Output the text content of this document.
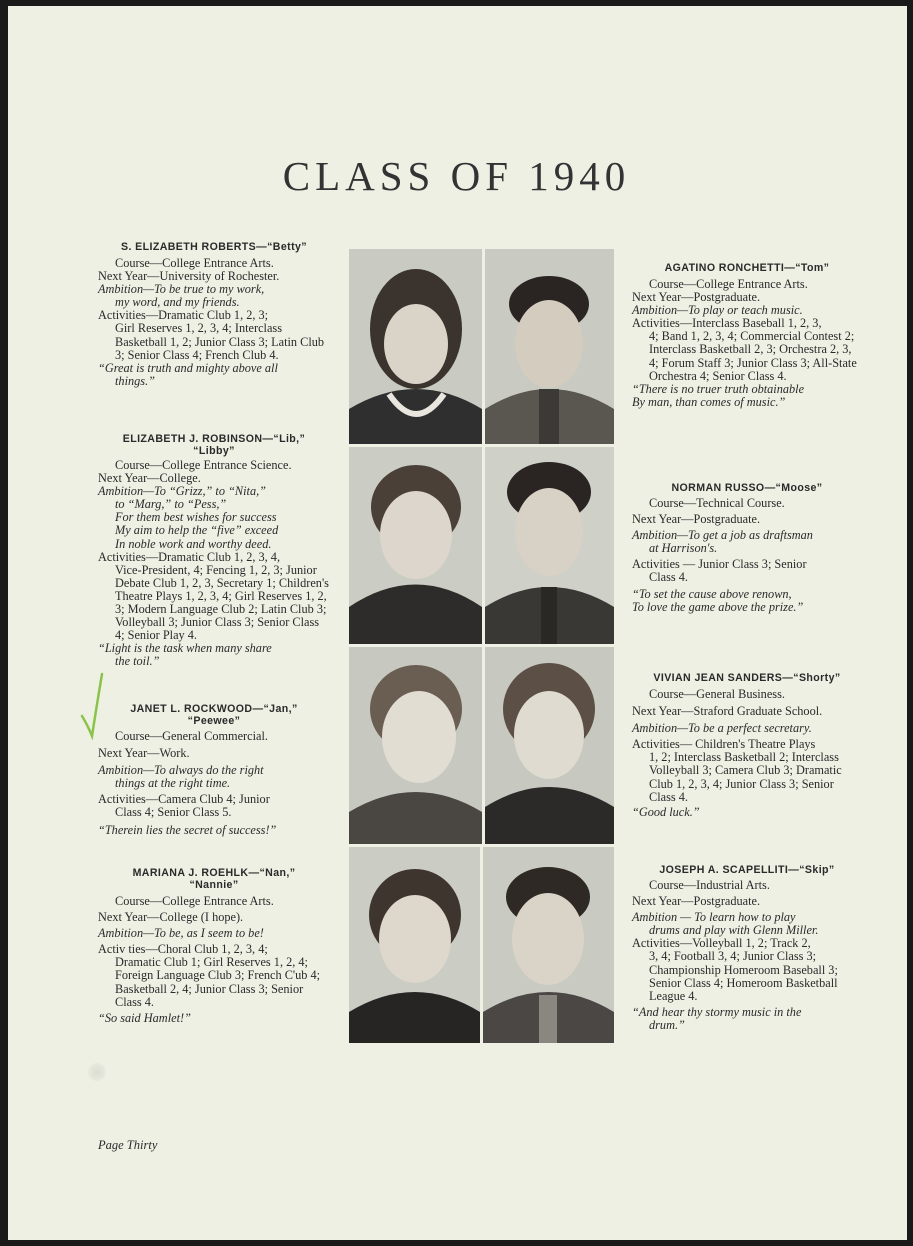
CLASS OF 1940
S. ELIZABETH ROBERTS—“Betty”
Course—College Entrance Arts.
Next Year—University of Rochester.
Ambition—To be true to my work,
my word, and my friends.
Activities—Dramatic Club 1, 2, 3;
Girl Reserves 1, 2, 3, 4; Interclass Basketball 1, 2; Junior Class 3; Latin Club 3; Senior Class 4; French Club 4.
“Great is truth and mighty above all
things.”
ELIZABETH J. ROBINSON—“Lib,”
“Libby”
Course—College Entrance Science.
Next Year—College.
Ambition—To “Grizz,” to “Nita,”
to “Marg,” to “Pess,”
For them best wishes for success
My aim to help the “five” exceed
In noble work and worthy deed.
Activities—Dramatic Club 1, 2, 3, 4,
Vice-President, 4; Fencing 1, 2, 3; Junior Debate Club 1, 2, 3, Secretary 1; Children's Theatre Plays 1, 2, 3, 4; Girl Reserves 1, 2, 3; Modern Language Club 2; Latin Club 3; Volleyball 3; Junior Class 3; Senior Class 4; Senior Play 4.
“Light is the task when many share
the toil.”
JANET L. ROCKWOOD—“Jan,”
“Peewee”
Course—General Commercial.
Next Year—Work.
Ambition—To always do the right
things at the right time.
Activities—Camera Club 4; Junior
Class 4; Senior Class 5.
“Therein lies the secret of success!”
MARIANA J. ROEHLK—“Nan,”
“Nannie”
Course—College Entrance Arts.
Next Year—College (I hope).
Ambition—To be, as I seem to be!
Activ ties—Choral Club 1, 2, 3, 4;
Dramatic Club 1; Girl Reserves 1, 2, 4; Foreign Language Club 3; French C'ub 4; Basketball 2, 4; Junior Class 3; Senior Class 4.
“So said Hamlet!”
AGATINO RONCHETTI—“Tom”
Course—College Entrance Arts.
Next Year—Postgraduate.
Ambition—To play or teach music.
Activities—Interclass Baseball 1, 2, 3,
4; Band 1, 2, 3, 4; Commercial Contest 2; Interclass Basketball 2, 3; Orchestra 2, 3, 4; Forum Staff 3; Junior Class 3; All-State Orchestra 4; Senior Class 4.
“There is no truer truth obtainable
By man, than comes of music.”
NORMAN RUSSO—“Moose”
Course—Technical Course.
Next Year—Postgraduate.
Ambition—To get a job as draftsman
at Harrison's.
Activities — Junior Class 3; Senior
Class 4.
“To set the cause above renown,
To love the game above the prize.”
VIVIAN JEAN SANDERS—“Shorty”
Course—General Business.
Next Year—Straford Graduate School.
Ambition—To be a perfect secretary.
Activities— Children's Theatre Plays
1, 2; Interclass Basketball 2; Interclass Volleyball 3; Camera Club 3; Dramatic Club 1, 2, 3, 4; Junior Class 3; Senior Class 4.
“Good luck.”
JOSEPH A. SCAPELLITI—“Skip”
Course—Industrial Arts.
Next Year—Postgraduate.
Ambition — To learn how to play
drums and play with Glenn Miller.
Activities—Volleyball 1, 2; Track 2,
3, 4; Football 3, 4; Junior Class 3; Championship Homeroom Baseball 3; Senior Class 4; Homeroom Basketball League 4.
“And hear thy stormy music in the
drum.”
Page Thirty
